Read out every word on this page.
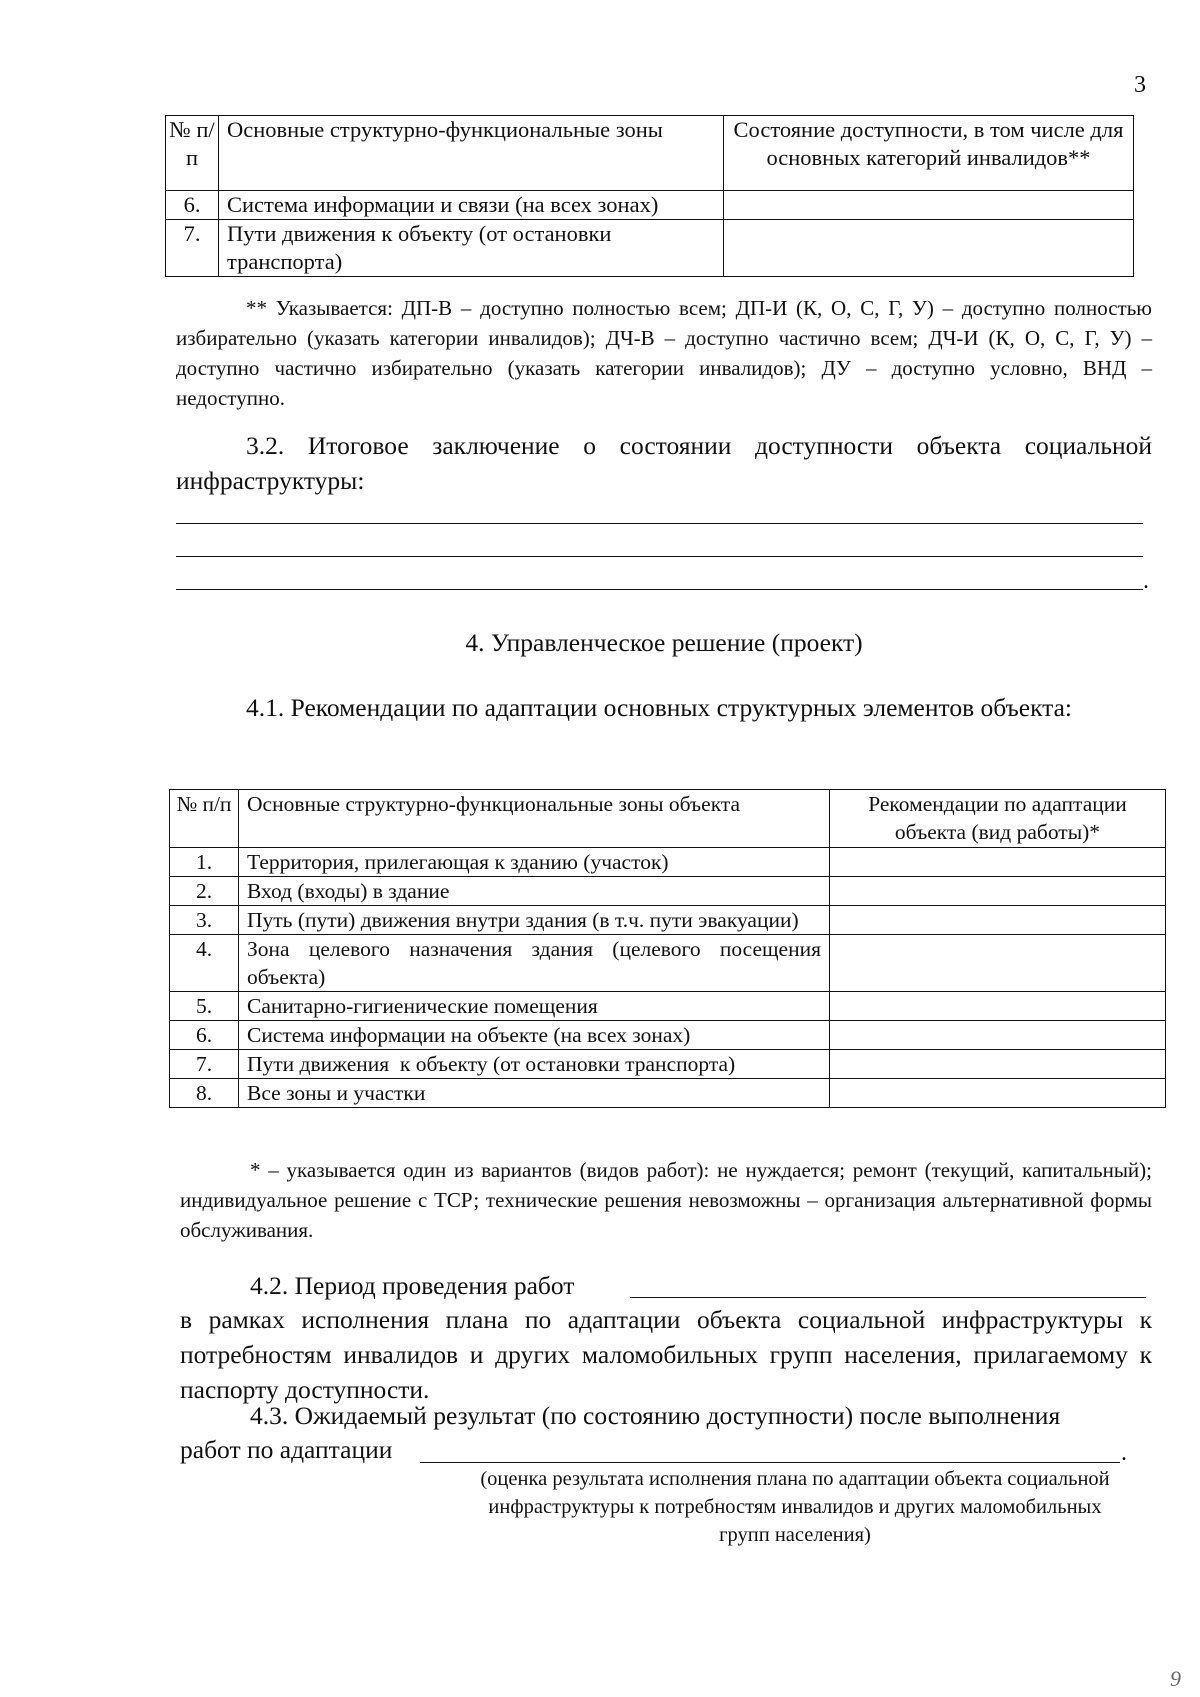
3
№ п/п	Основные структурно-функциональные зоны	Состояние доступности, в том числе для основных категорий инвалидов**
6.	Система информации и связи (на всех зонах)	
7.	Пути движения к объекту (от остановки транспорта)	
** Указывается: ДП-В – доступно полностью всем; ДП-И (К, О, С, Г, У) – доступно полностью избирательно (указать категории инвалидов); ДЧ-В – доступно частично всем; ДЧ-И (К, О, С, Г, У) – доступно частично избирательно (указать категории инвалидов); ДУ – доступно условно, ВНД – недоступно.
3.2. Итоговое заключение о состоянии доступности объекта социальной инфраструктуры:
.
4. Управленческое решение (проект)
4.1. Рекомендации по адаптации основных структурных элементов объекта:
№ п/п	Основные структурно-функциональные зоны объекта	Рекомендации по адаптации объекта (вид работы)*
1.	Территория, прилегающая к зданию (участок)	
2.	Вход (входы) в здание	
3.	Путь (пути) движения внутри здания (в т.ч. пути эвакуации)	
4.	Зона целевого назначения здания (целевого посещения объекта)	
5.	Санитарно-гигиенические помещения	
6.	Система информации на объекте (на всех зонах)	
7.	Пути движения  к объекту (от остановки транспорта)	
8.	Все зоны и участки	
* – указывается один из вариантов (видов работ): не нуждается; ремонт (текущий, капитальный); индивидуальное решение с ТСР; технические решения невозможны – организация альтернативной формы обслуживания.
4.2. Период проведения работ
в рамках исполнения плана по адаптации объекта социальной инфраструктуры к потребностям инвалидов и других маломобильных групп населения, прилагаемому к паспорту доступности.
4.3. Ожидаемый результат (по состоянию доступности) после выполнения
работ по адаптации	.
(оценка результата исполнения плана по адаптации объекта социальной инфраструктуры к потребностям инвалидов и других маломобильных групп населения)
9
